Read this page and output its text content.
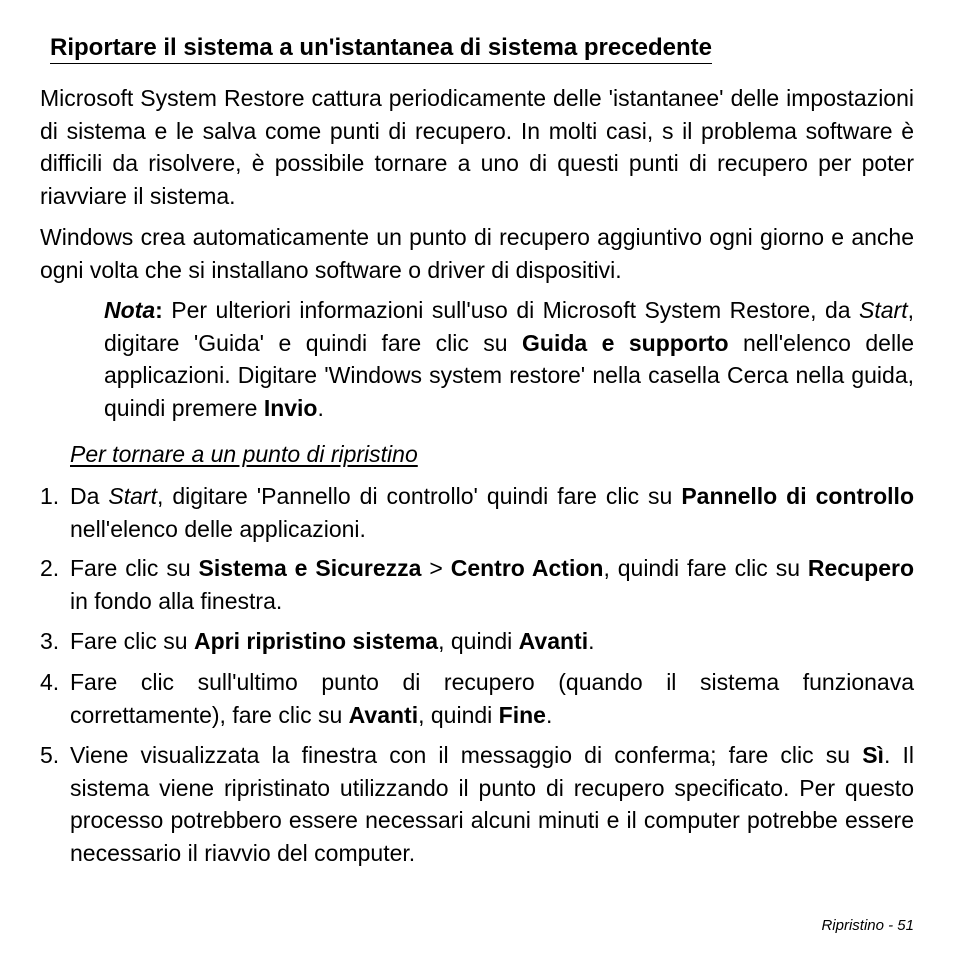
Riportare il sistema a un'istantanea di sistema precedente

Microsoft System Restore cattura periodicamente delle 'istantanee' delle impostazioni di sistema e le salva come punti di recupero. In molti casi, s il problema software è difficili da risolvere, è possibile tornare a uno di questi punti di recupero per poter riavviare il sistema.

Windows crea automaticamente un punto di recupero aggiuntivo ogni giorno e anche ogni volta che si installano software o driver di dispositivi.

Nota: Per ulteriori informazioni sull'uso di Microsoft System Restore, da Start, digitare 'Guida' e quindi fare clic su Guida e supporto nell'elenco delle applicazioni. Digitare 'Windows system restore' nella casella Cerca nella guida, quindi premere Invio.

Per tornare a un punto di ripristino
1. Da Start, digitare 'Pannello di controllo' quindi fare clic su Pannello di controllo nell'elenco delle applicazioni.
2. Fare clic su Sistema e Sicurezza > Centro Action, quindi fare clic su Recupero in fondo alla finestra.
3. Fare clic su Apri ripristino sistema, quindi Avanti.
4. Fare clic sull'ultimo punto di recupero (quando il sistema funzionava correttamente), fare clic su Avanti, quindi Fine.
5. Viene visualizzata la finestra con il messaggio di conferma; fare clic su Sì. Il sistema viene ripristinato utilizzando il punto di recupero specificato. Per questo processo potrebbero essere necessari alcuni minuti e il computer potrebbe essere necessario il riavvio del computer.
Ripristino - 51
